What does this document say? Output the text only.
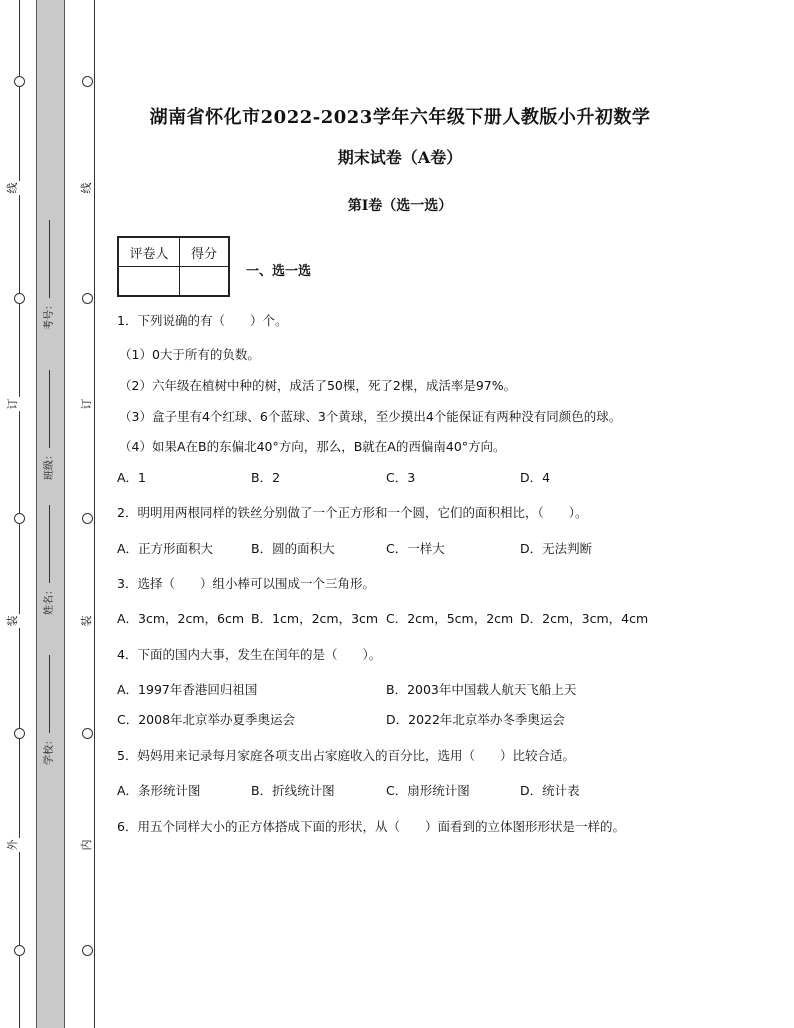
线
订
装
外
线
订
装
内
考号：
班级：
姓名：
学校：
湖南省怀化市2022-2023学年六年级下册人教版小升初数学
期末试卷（A卷）
第I卷（选一选）
评卷人	得分

一、选一选
1．下列说确的有（　　）个。
（1）0大于所有的负数。
（2）六年级在植树中种的树，成活了50棵，死了2棵，成活率是97%。
（3）盒子里有4个红球、6个蓝球、3个黄球，至少摸出4个能保证有两种没有同颜色的球。
（4）如果A在B的东偏北40°方向，那么，B就在A的西偏南40°方向。
A．1	B．2	C．3	D．4
2．明明用两根同样的铁丝分别做了一个正方形和一个圆，它们的面积相比，（　　）。
A．正方形面积大	B．圆的面积大	C．一样大	D．无法判断
3．选择（　　）组小棒可以围成一个三角形。
A．3cm，2cm，6cm B．1cm，2cm，3cm C．2cm，5cm，2cm D．2cm，3cm，4cm
4．下面的国内大事，发生在闰年的是（　　）。
A．1997年香港回归祖国	B．2003年中国载人航天飞船上天
C．2008年北京举办夏季奥运会	D．2022年北京举办冬季奥运会
5．妈妈用来记录每月家庭各项支出占家庭收入的百分比，选用（　　）比较合适。
A．条形统计图	B．折线统计图	C．扇形统计图	D．统计表
6．用五个同样大小的正方体搭成下面的形状，从（　　）面看到的立体图形形状是一样的。
